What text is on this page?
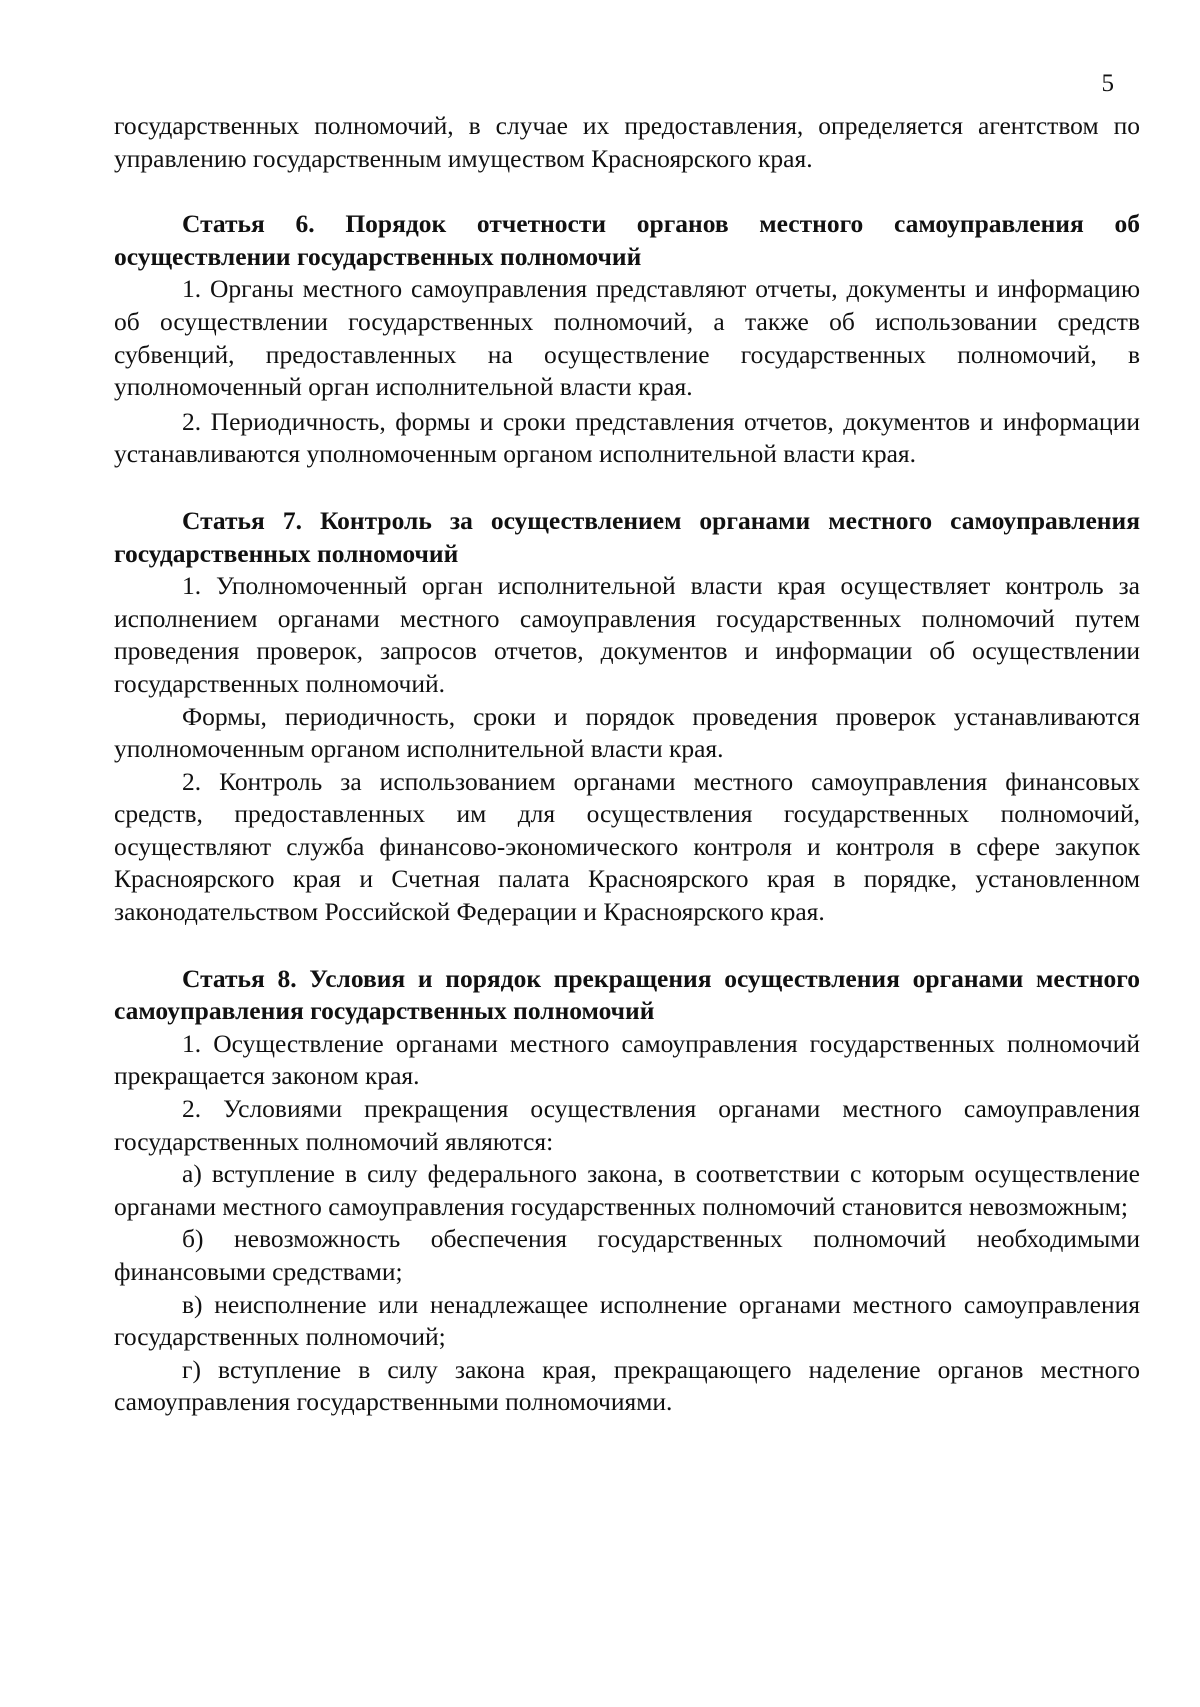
5

государственных полномочий, в случае их предоставления, определяется агентством по управлению государственным имуществом Красноярского края.

Статья 6. Порядок отчетности органов местного самоуправления об осуществлении государственных полномочий

1. Органы местного самоуправления представляют отчеты, документы и информацию об осуществлении государственных полномочий, а также об использовании средств субвенций, предоставленных на осуществление государственных полномочий, в уполномоченный орган исполнительной власти края.

2. Периодичность, формы и сроки представления отчетов, документов и информации устанавливаются уполномоченным органом исполнительной власти края.

Статья 7. Контроль за осуществлением органами местного самоуправления государственных полномочий

1. Уполномоченный орган исполнительной власти края осуществляет контроль за исполнением органами местного самоуправления государственных полномочий путем проведения проверок, запросов отчетов, документов и информации об осуществлении государственных полномочий.

Формы, периодичность, сроки и порядок проведения проверок устанавливаются уполномоченным органом исполнительной власти края.

2. Контроль за использованием органами местного самоуправления финансовых средств, предоставленных им для осуществления государственных полномочий, осуществляют служба финансово-экономического контроля и контроля в сфере закупок Красноярского края и Счетная палата Красноярского края в порядке, установленном законодательством Российской Федерации и Красноярского края.

Статья 8. Условия и порядок прекращения осуществления органами местного самоуправления государственных полномочий

1. Осуществление органами местного самоуправления государственных полномочий прекращается законом края.

2. Условиями прекращения осуществления органами местного самоуправления государственных полномочий являются:

а) вступление в силу федерального закона, в соответствии с которым осуществление органами местного самоуправления государственных полномочий становится невозможным;

б) невозможность обеспечения государственных полномочий необходимыми финансовыми средствами;

в) неисполнение или ненадлежащее исполнение органами местного самоуправления государственных полномочий;

г) вступление в силу закона края, прекращающего наделение органов местного самоуправления государственными полномочиями.
